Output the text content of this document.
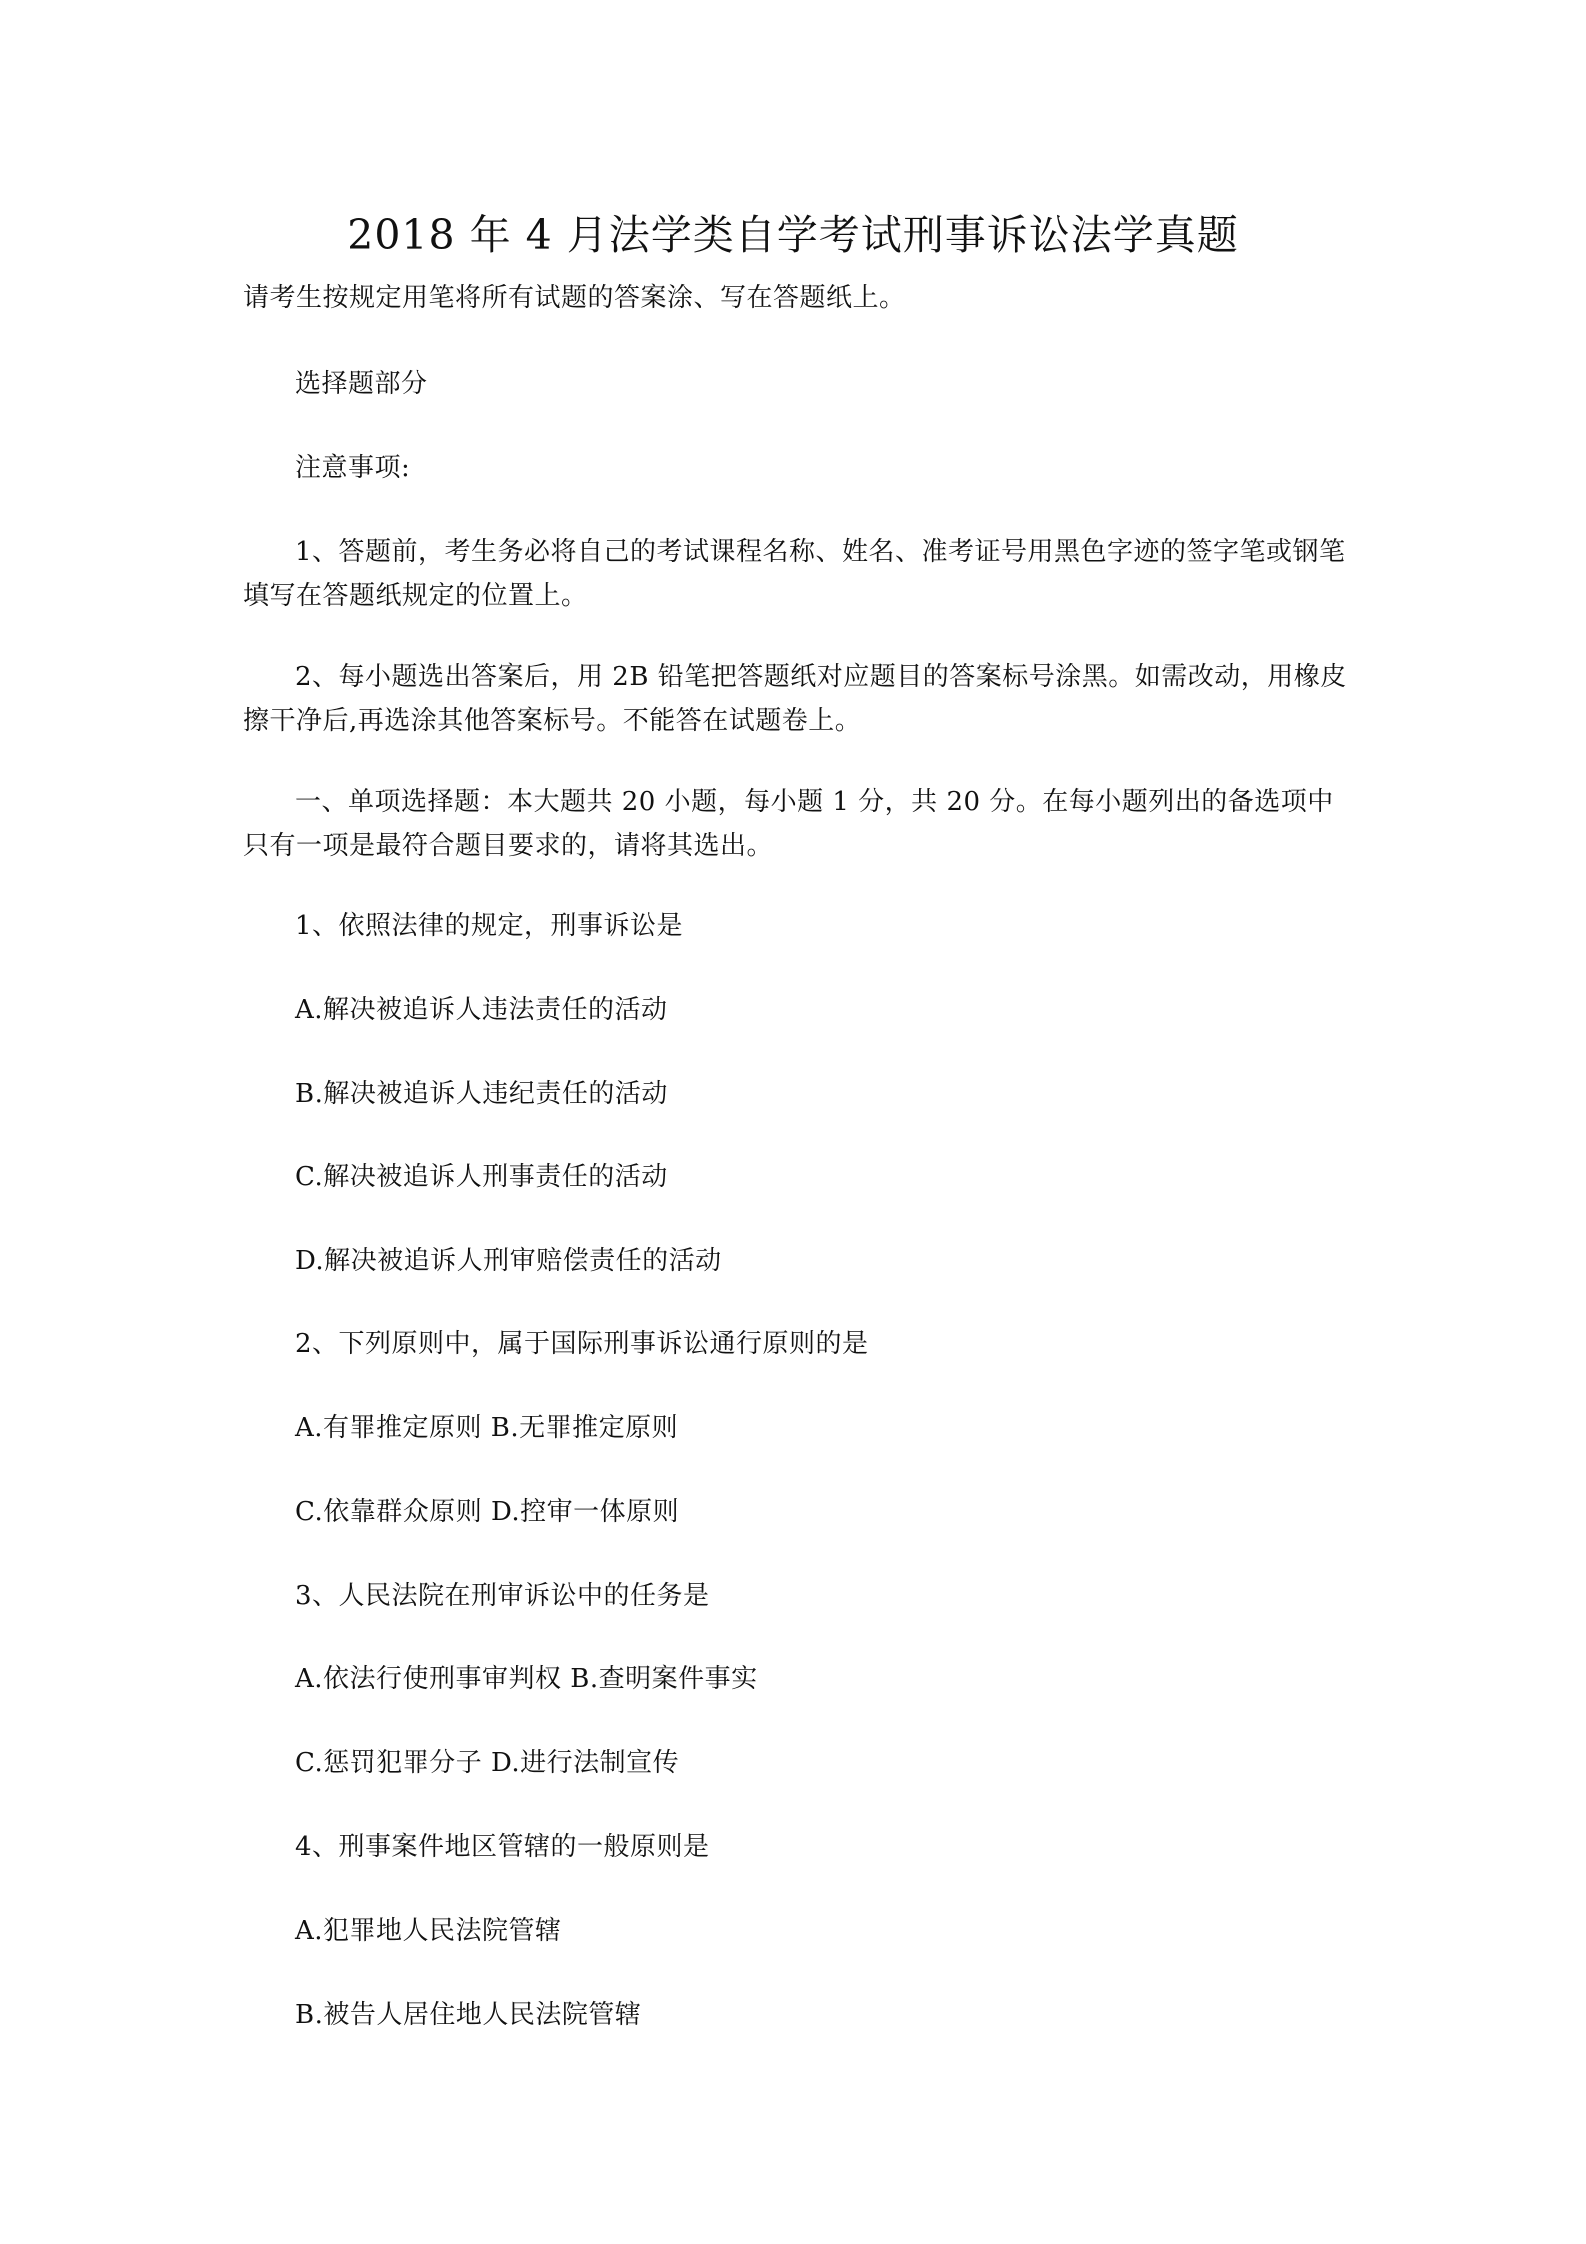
2018 年 4 月法学类自学考试刑事诉讼法学真题
请考生按规定用笔将所有试题的答案涂、写在答题纸上。
选择题部分
注意事项:
1、答题前，考生务必将自己的考试课程名称、姓名、准考证号用黑色字迹的签字笔或钢笔填写在答题纸规定的位置上。
2、每小题选出答案后，用 2B 铅笔把答题纸对应题目的答案标号涂黑。如需改动，用橡皮擦干净后,再选涂其他答案标号。不能答在试题卷上。
一、单项选择题：本大题共 20 小题，每小题 1 分，共 20 分。在每小题列出的备选项中只有一项是最符合题目要求的，请将其选出。
1、依照法律的规定，刑事诉讼是
A.解决被追诉人违法责任的活动
B.解决被追诉人违纪责任的活动
C.解决被追诉人刑事责任的活动
D.解决被追诉人刑审赔偿责任的活动
2、下列原则中，属于国际刑事诉讼通行原则的是
A.有罪推定原则 B.无罪推定原则
C.依靠群众原则 D.控审一体原则
3、人民法院在刑审诉讼中的任务是
A.依法行使刑事审判权 B.查明案件事实
C.惩罚犯罪分子 D.进行法制宣传
4、刑事案件地区管辖的一般原则是
A.犯罪地人民法院管辖
B.被告人居住地人民法院管辖
